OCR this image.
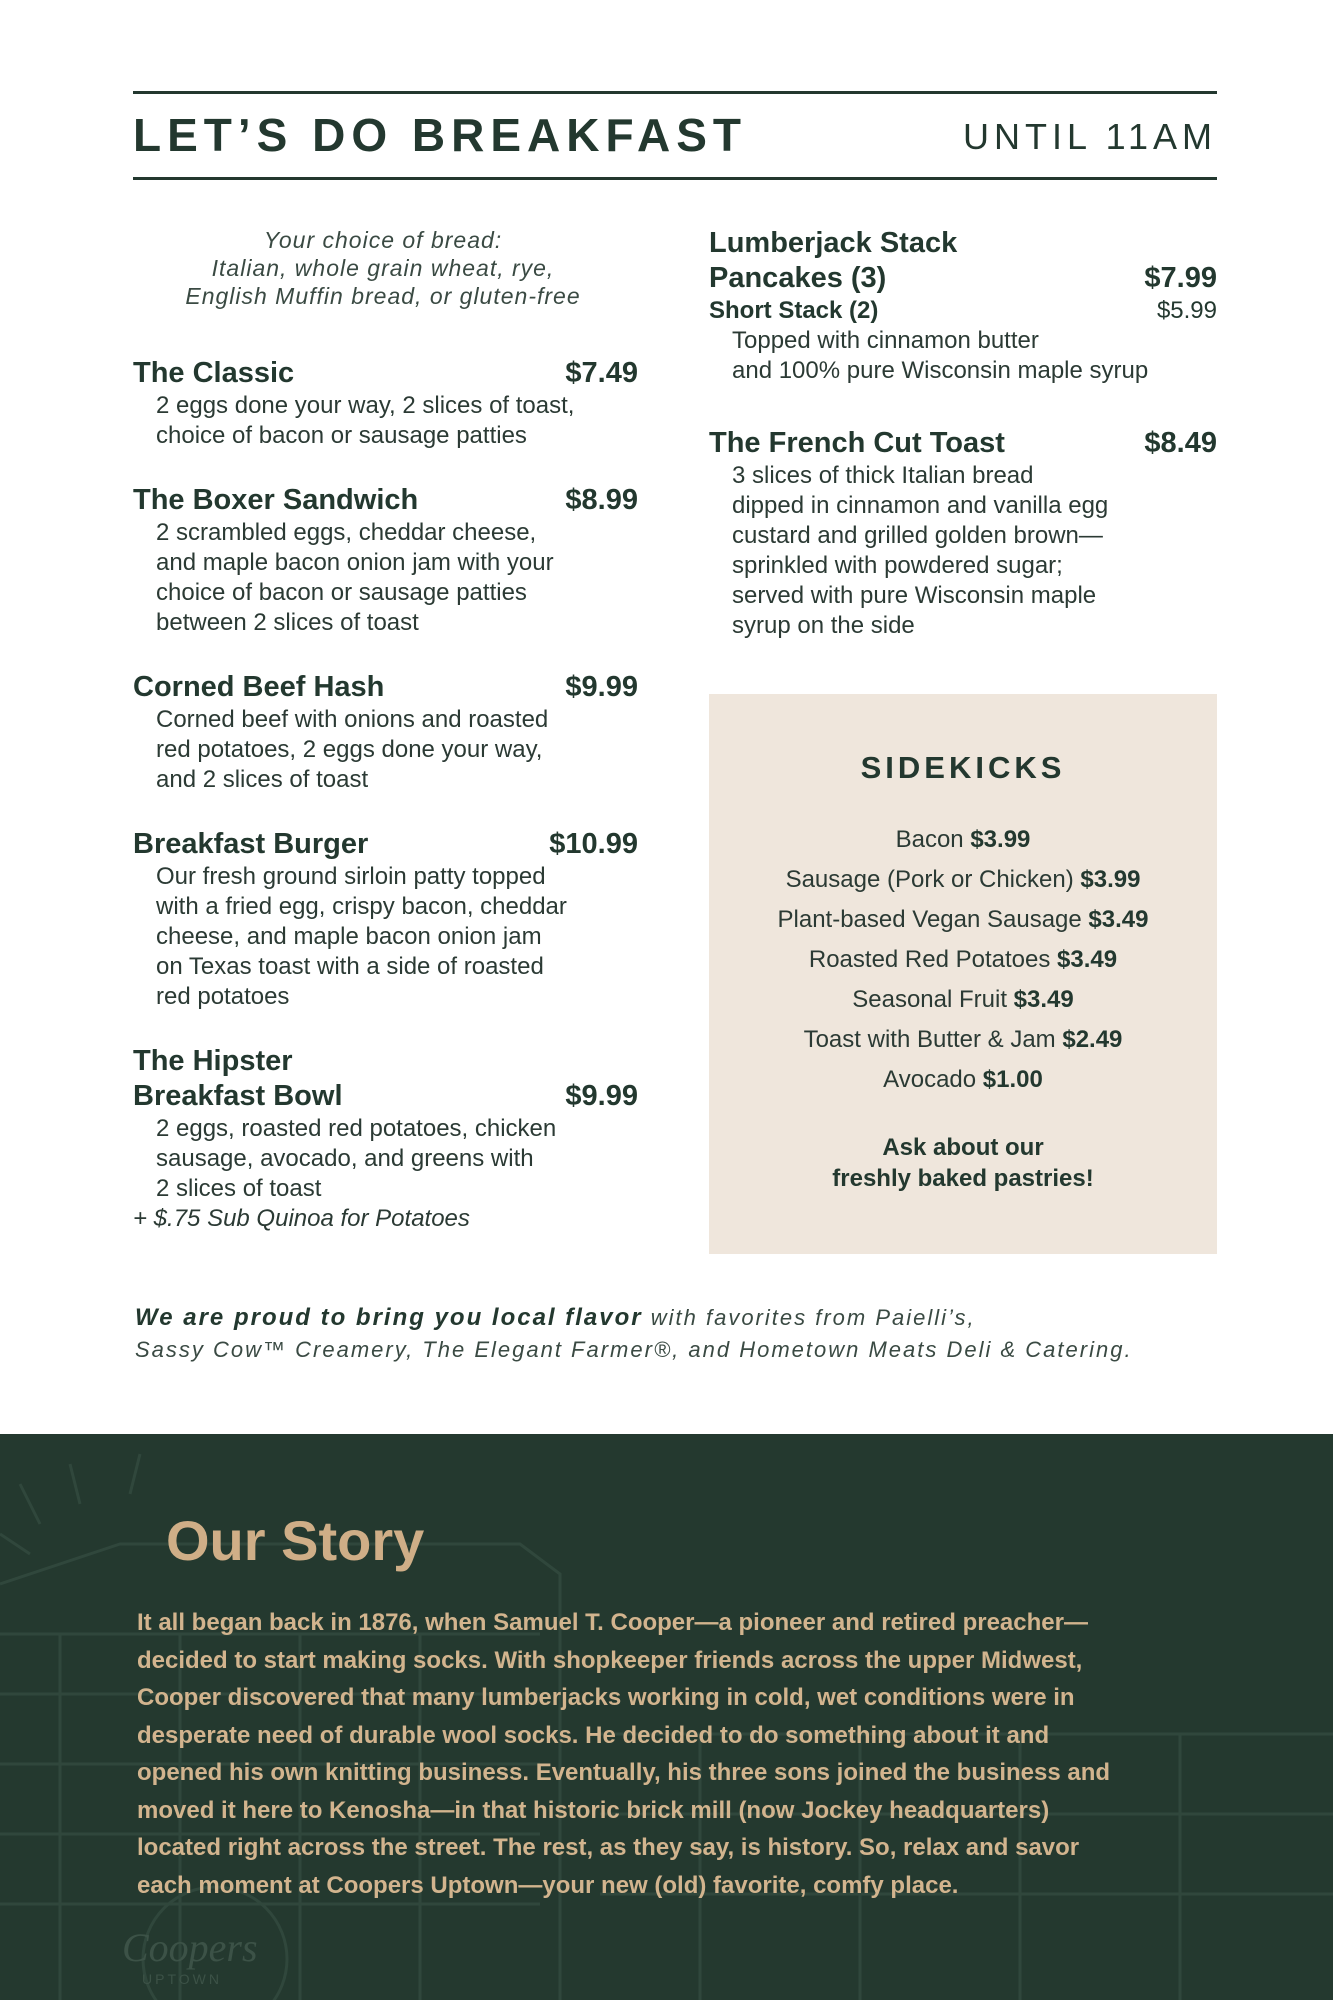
LET’S DO BREAKFAST	UNTIL 11AM
Your choice of bread:
Italian, whole grain wheat, rye,
English Muffin bread, or gluten-free
The Classic	$7.49
2 eggs done your way, 2 slices of toast,
choice of bacon or sausage patties
The Boxer Sandwich	$8.99
2 scrambled eggs, cheddar cheese,
and maple bacon onion jam with your
choice of bacon or sausage patties
between 2 slices of toast
Corned Beef Hash	$9.99
Corned beef with onions and roasted
red potatoes, 2 eggs done your way,
and 2 slices of toast
Breakfast Burger	$10.99
Our fresh ground sirloin patty topped
with a fried egg, crispy bacon, cheddar
cheese, and maple bacon onion jam
on Texas toast with a side of roasted
red potatoes
The Hipster
Breakfast Bowl	$9.99
2 eggs, roasted red potatoes, chicken
sausage, avocado, and greens with
2 slices of toast
+ $.75 Sub Quinoa for Potatoes
Lumberjack Stack
Pancakes (3)	$7.99
Short Stack (2)	$5.99
Topped with cinnamon butter
and 100% pure Wisconsin maple syrup
The French Cut Toast	$8.49
3 slices of thick Italian bread
dipped in cinnamon and vanilla egg
custard and grilled golden brown—
sprinkled with powdered sugar;
served with pure Wisconsin maple
syrup on the side
SIDEKICKS
Bacon $3.99
Sausage (Pork or Chicken) $3.99
Plant-based Vegan Sausage $3.49
Roasted Red Potatoes $3.49
Seasonal Fruit $3.49
Toast with Butter & Jam $2.49
Avocado $1.00
Ask about our
freshly baked pastries!
We are proud to bring you local flavor with favorites from Paielli’s,
Sassy Cow™ Creamery, The Elegant Farmer®, and Hometown Meats Deli & Catering.
Our Story
It all began back in 1876, when Samuel T. Cooper—a pioneer and retired preacher—
decided to start making socks. With shopkeeper friends across the upper Midwest,
Cooper discovered that many lumberjacks working in cold, wet conditions were in
desperate need of durable wool socks. He decided to do something about it and
opened his own knitting business. Eventually, his three sons joined the business and
moved it here to Kenosha—in that historic brick mill (now Jockey headquarters)
located right across the street. The rest, as they say, is history. So, relax and savor
each moment at Coopers Uptown—your new (old) favorite, comfy place.
Coopers
UPTOWN
